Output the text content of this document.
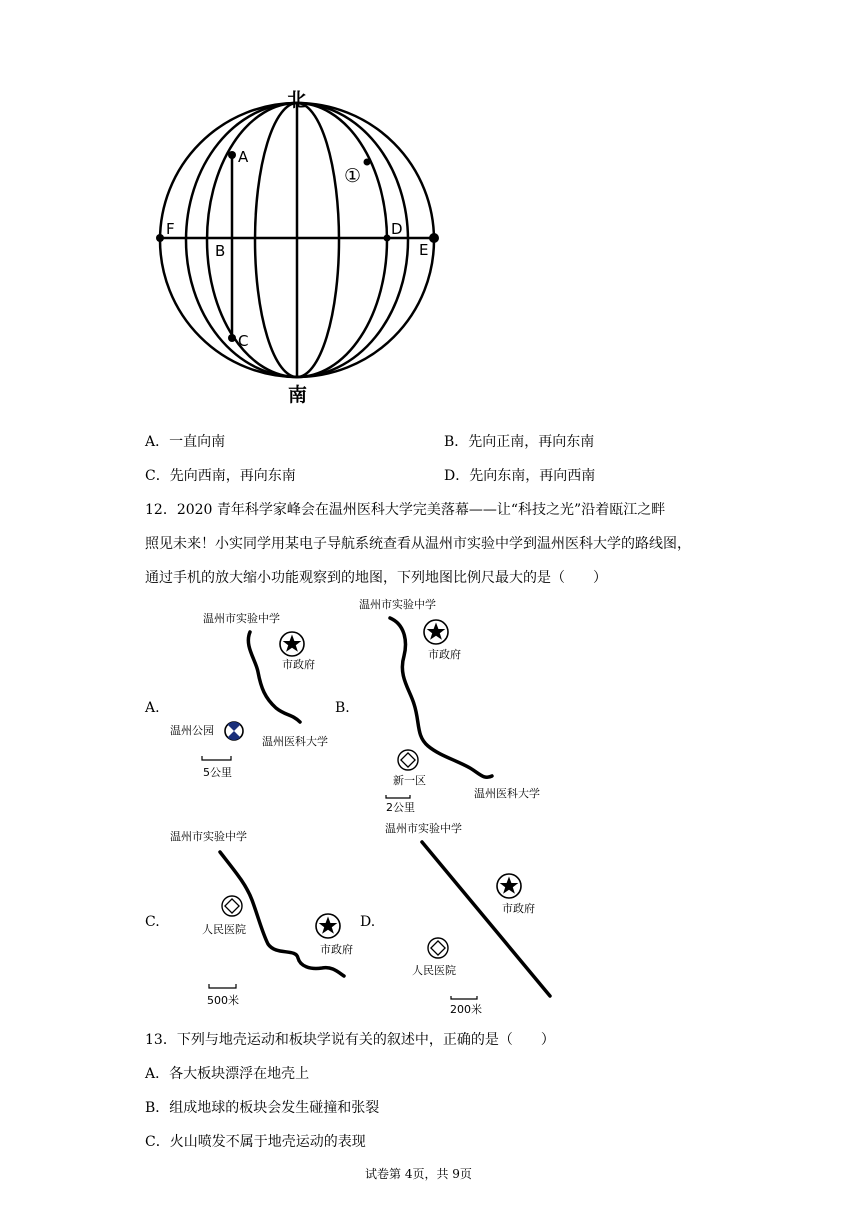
北
南
A
B
C
D
E
F
①
A．一直向南	B．先向正南，再向东南
C．先向西南，再向东南	D．先向东南，再向西南
12．2020 青年科学家峰会在温州医科大学完美落幕——让“科技之光”沿着瓯江之畔
照见未来！小实同学用某电子导航系统查看从温州市实验中学到温州医科大学的路线图，
通过手机的放大缩小功能观察到的地图，下列地图比例尺最大的是（　　）
A.	B.
C.	D.
温州市实验中学
市政府
温州公园
温州医科大学
5公里
温州市实验中学
市政府
新一区
温州医科大学
2公里
温州市实验中学
人民医院
市政府
500米
温州市实验中学
市政府
人民医院
200米
13．下列与地壳运动和板块学说有关的叙述中，正确的是（　　）
A．各大板块漂浮在地壳上
B．组成地球的板块会发生碰撞和张裂
C．火山喷发不属于地壳运动的表现
试卷第 4页，共 9页
